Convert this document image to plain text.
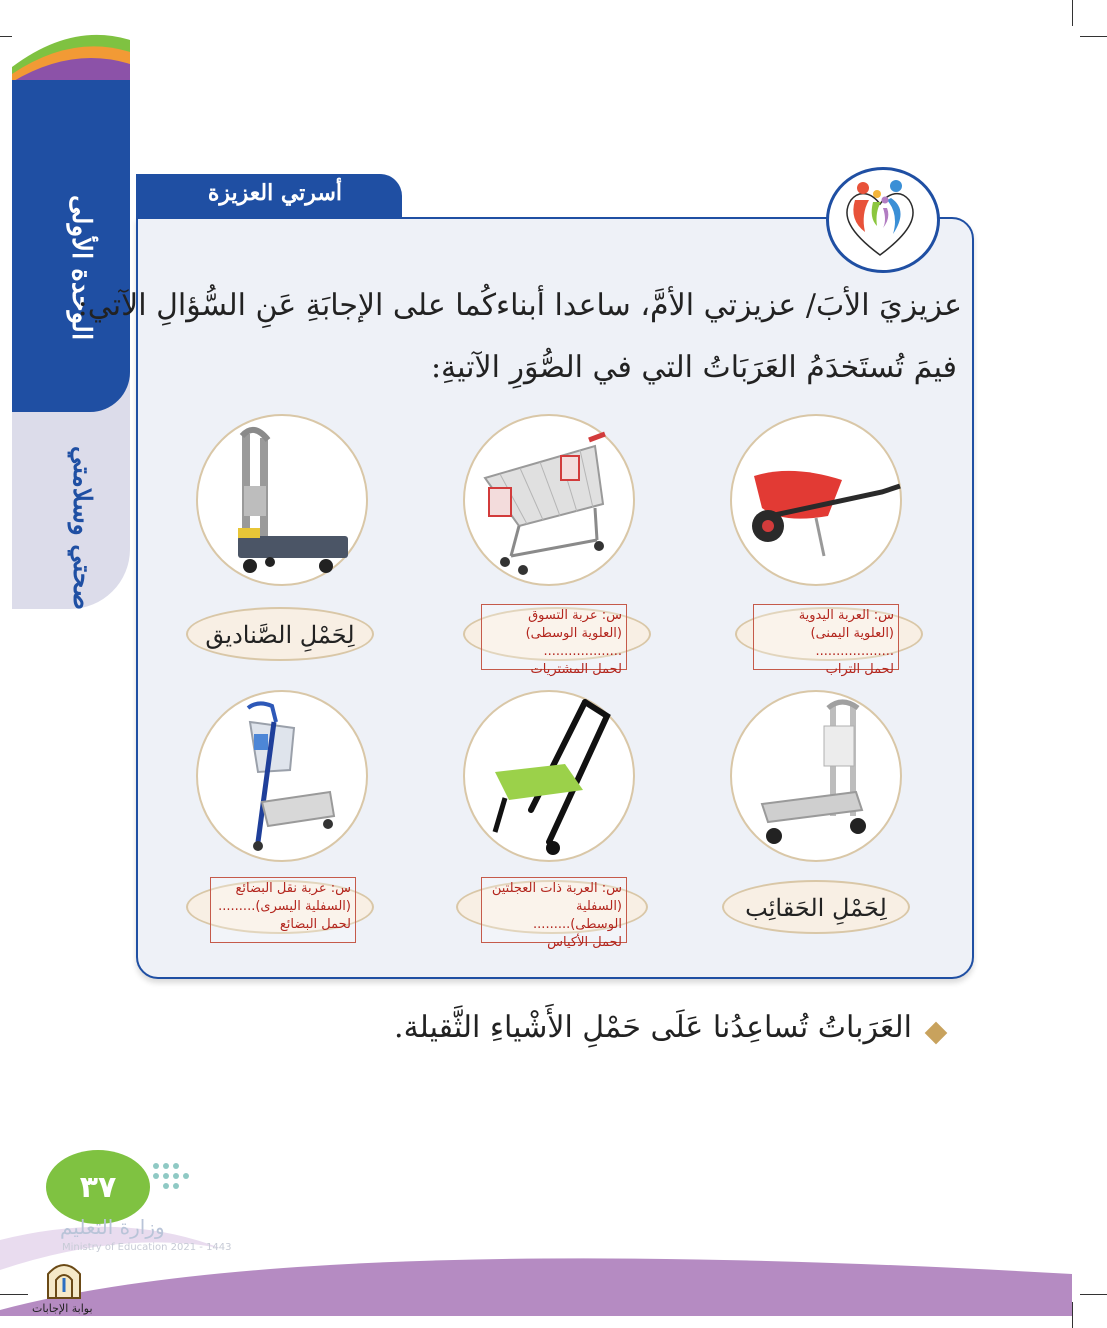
الوحدة الأولى
صحتي وسلامتي
أسرتي العزيزة
عزيزيَ الأبَ/ عزيزتي الأمَّ، ساعدا أبناءكُما على الإجابَةِ عَنِ السُّؤالِ الآتي:
فيمَ تُستَخدَمُ العَرَبَاتُ التي في الصُّوَرِ الآتيةِ:
لِحَمْلِ الصَّناديق
س: عربة التسوق (العلوية الوسطى)
...................
لحمل المشتريات
س: العربة اليدوية (العلوية اليمنى)
...................
لحمل التراب
س: عربة نقل البضائع
(السفلية اليسرى).........
لحمل البضائع
س: العربة ذات العجلتين
(السفلية الوسطى).........
لحمل الأكياس
لِحَمْلِ الحَقائِب
العَرَباتُ تُساعِدُنا عَلَى حَمْلِ الأَشْياءِ الثَّقيلة.
٣٧
وزارة التعليم
Ministry of Education 2021 - 1443
بوابة الإجابات
